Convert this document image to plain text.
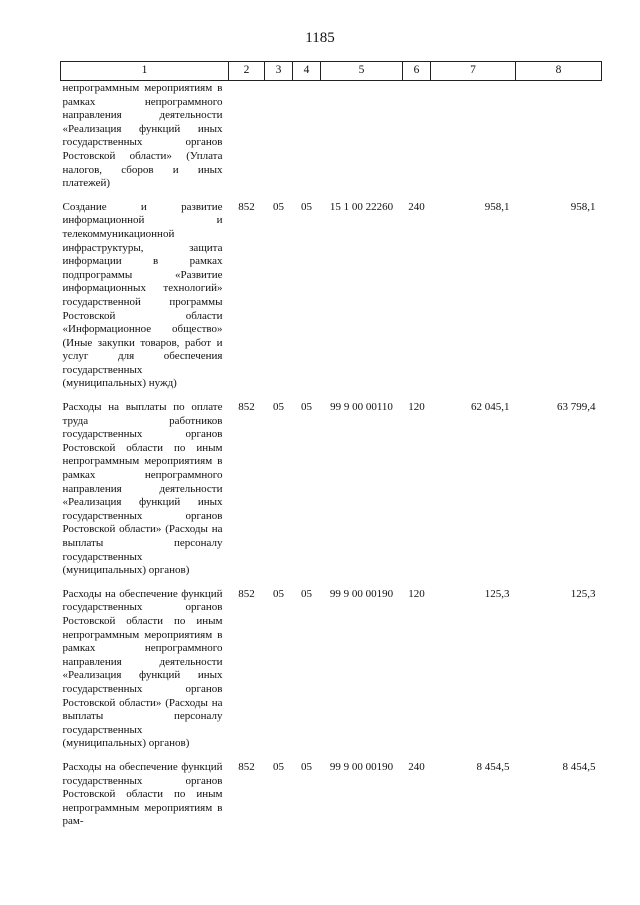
1185
1	2	3	4	5	6	7	8
непрограммным мероприятиям в рамках непрограммного направления деятельности «Реализация функций иных государственных органов Ростовской области» (Уплата налогов, сборов и иных платежей)							
Создание и развитие информационной и телекоммуникационной инфраструктуры, защита информации в рамках подпрограммы «Развитие информационных технологий» государственной программы Ростовской области «Информационное общество» (Иные закупки товаров, работ и услуг для обеспечения государственных (муниципальных) нужд)	852	05	05	15 1 00 22260	240	958,1	958,1
Расходы на выплаты по оплате труда работников государственных органов Ростовской области по иным непрограммным мероприятиям в рамках непрограммного направления деятельности «Реализация функций иных государственных органов Ростовской области» (Расходы на выплаты персоналу государственных (муниципальных) органов)	852	05	05	99 9 00 00110	120	62 045,1	63 799,4
Расходы на обеспечение функций государственных органов Ростовской области по иным непрограммным мероприятиям в рамках непрограммного направления деятельности «Реализация функций иных государственных органов Ростовской области» (Расходы на выплаты персоналу государственных (муниципальных) органов)	852	05	05	99 9 00 00190	120	125,3	125,3
Расходы на обеспечение функций государственных органов Ростовской области по иным непрограммным мероприятиям в рам-	852	05	05	99 9 00 00190	240	8 454,5	8 454,5
